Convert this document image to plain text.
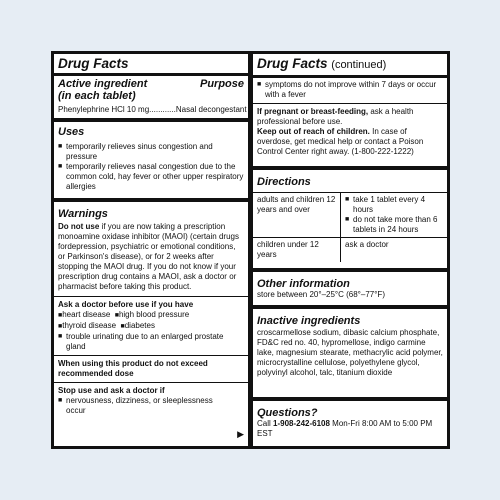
Drug Facts
Active ingredient	Purpose
(in each tablet)
Phenylephrine HCl 10 mg............Nasal decongestant
Uses
■ temporarily relieves sinus congestion and pressure
■ temporarily relieves nasal congestion due to the common cold, hay fever or other upper respiratory allergies
Warnings
Do not use if you are now taking a prescription monoamine oxidase inhibitor (MAOI) (certain drugs fordepression, psychiatric or emotional conditions, or Parkinson's disease), or for 2 weeks after stopping the MAOI drug. If you do not know if your prescription drug contains a MAOI, ask a doctor or pharmacist before taking this product.
Ask a doctor before use if you have
■ heart disease ■ high blood pressure
■ thyroid disease ■ diabetes
■ trouble urinating due to an enlarged prostate gland
When using this product do not exceed recommended dose
Stop use and ask a doctor if
■ nervousness, dizziness, or sleeplessness occur
▶
Drug Facts (continued)
■ symptoms do not improve within 7 days or occur with a fever
If pregnant or breast-feeding, ask a health professional before use.
Keep out of reach of children. In case of overdose, get medical help or contact a Poison Control Center right away. (1-800-222-1222)
Directions
adults and children 12 years and over
■ take 1 tablet every 4 hours
■ do not take more than 6 tablets in 24 hours
children under 12 years
ask a doctor
Other information
store between 20°–25°C (68°–77°F)
Inactive ingredients
croscarmellose sodium, dibasic calcium phosphate, FD&C red no. 40, hypromellose, indigo carmine lake, magnesium stearate, methacrylic acid polymer, microcrystalline cellulose, polyethylene glycol, polyvinyl alcohol, talc, titanium dioxide
Questions?
Call 1-908-242-6108 Mon-Fri 8:00 AM to 5:00 PM EST
